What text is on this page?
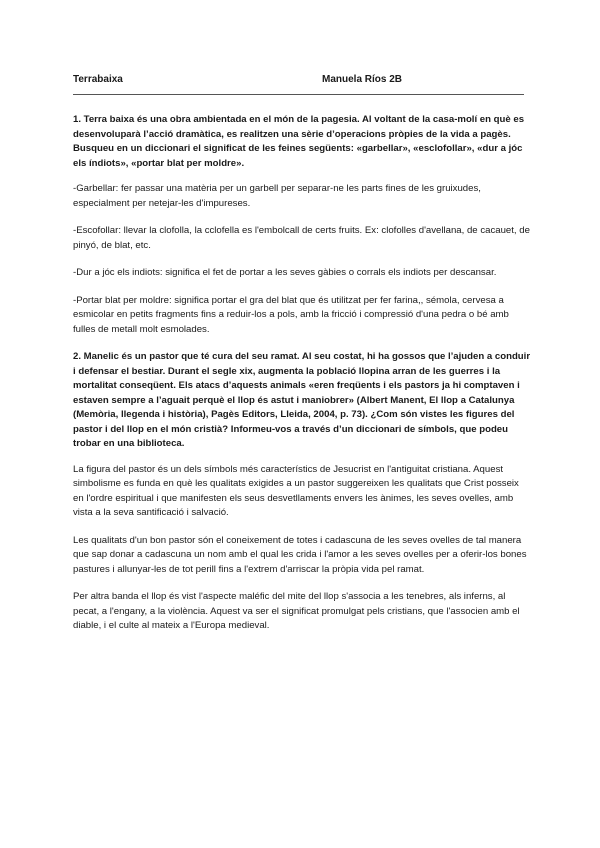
Terrabaixa	Manuela Ríos 2B

1. Terra baixa és una obra ambientada en el món de la pagesia. Al voltant de la casa-molí en què es desenvoluparà l’acció dramàtica, es realitzen una sèrie d’operacions pròpies de la vida a pagès. Busqueu en un diccionari el significat de les feines següents: «garbellar», «esclofollar», «dur a jóc els índiots», «portar blat per moldre».

-Garbellar: fer passar una matèria per un garbell per separar-ne les parts fines de les gruixudes, especialment per netejar-les d'impureses.

-Escofollar: llevar la clofolla, la cclofella es l'embolcall de certs fruits. Ex: clofolles d'avellana, de cacauet, de pinyó, de blat, etc.

-Dur a jóc els indiots: significa el fet de portar a les seves gàbies o corrals els indiots per descansar.

-Portar blat per moldre: significa portar el gra del blat que és utilitzat per fer farina,, sémola, cervesa a esmicolar en petits fragments fins a reduir-los a pols, amb la fricció i compressió d'una pedra o bé amb fulles de metall molt esmolades.

2. Manelic és un pastor que té cura del seu ramat. Al seu costat, hi ha gossos que l’ajuden a conduir i defensar el bestiar. Durant el segle xix, augmenta la població llopina arran de les guerres i la mortalitat conseqüent. Els atacs d’aquests animals «eren freqüents i els pastors ja hi comptaven i estaven sempre a l’aguait perquè el llop és astut i maniobrer» (Albert Manent, El llop a Catalunya (Memòria, llegenda i història), Pagès Editors, Lleida, 2004, p. 73). ¿Com són vistes les figures del pastor i del llop en el món cristià? Informeu-vos a través d’un diccionari de símbols, que podeu trobar en una biblioteca.

La figura del pastor és un dels símbols més característics de Jesucrist en l'antiguitat cristiana. Aquest simbolisme es funda en què les qualitats exigides a un pastor suggereixen les qualitats que Crist posseix en l'ordre espiritual i que manifesten els seus desvetllaments envers les ànimes, les seves ovelles, amb vista a la seva santificació i salvació.

Les qualitats d'un bon pastor són el coneixement de totes i cadascuna de les seves ovelles de tal manera que sap donar a cadascuna un nom amb el qual les crida i l'amor a les seves ovelles per a oferir-los bones pastures i allunyar-les de tot perill fins a l'extrem d'arriscar la pròpia vida pel ramat.

Per altra banda el llop és vist l'aspecte maléfic del mite del llop s'associa a les tenebres, als inferns, al pecat, a l'engany, a la violència. Aquest va ser el significat promulgat pels cristians, que l'associen amb el diable, i el culte al mateix a l'Europa medieval.
